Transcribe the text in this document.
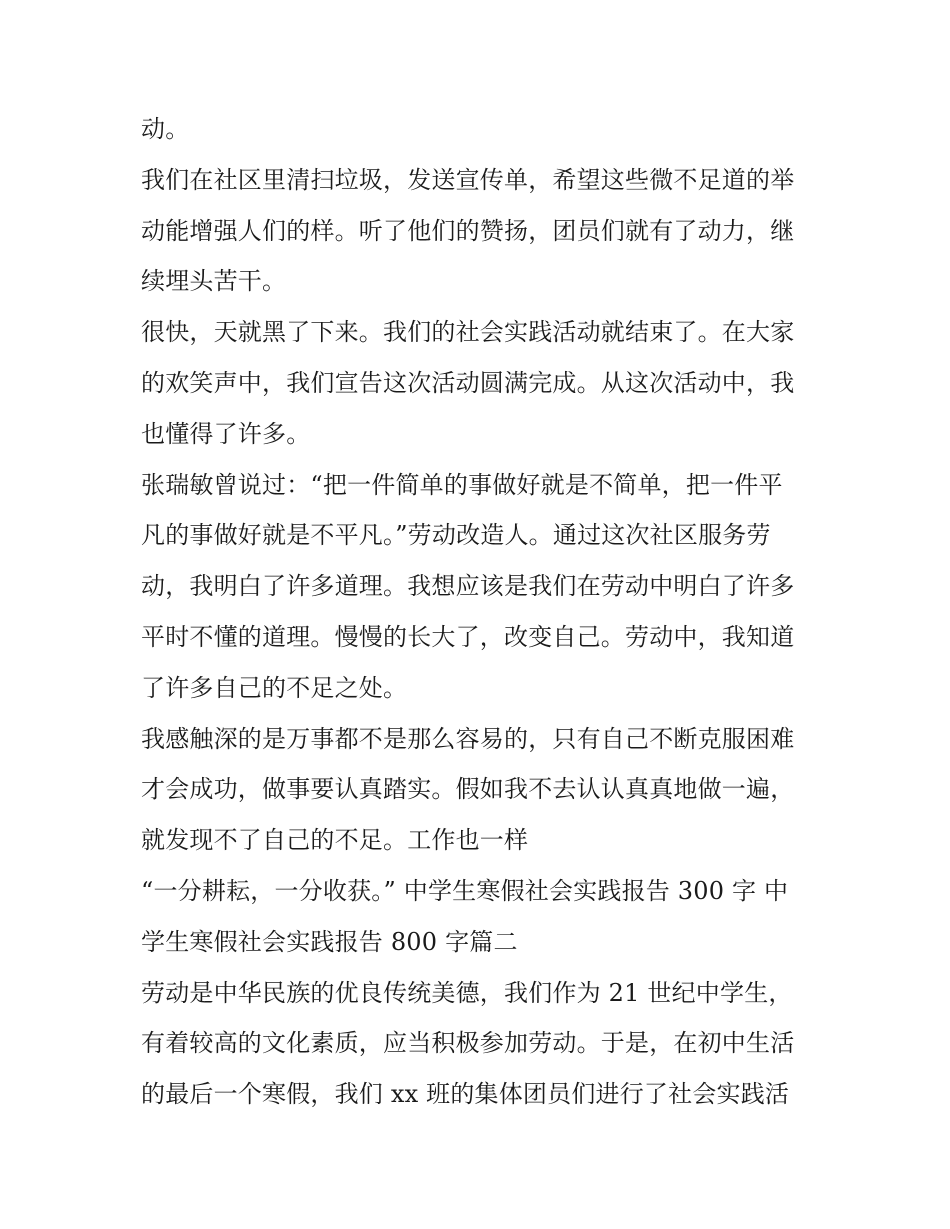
动。
我们在社区里清扫垃圾，发送宣传单，希望这些微不足道的举
动能增强人们的样。听了他们的赞扬，团员们就有了动力，继
续埋头苦干。
很快，天就黑了下来。我们的社会实践活动就结束了。在大家
的欢笑声中，我们宣告这次活动圆满完成。从这次活动中，我
也懂得了许多。
张瑞敏曾说过：“把一件简单的事做好就是不简单，把一件平
凡的事做好就是不平凡。”劳动改造人。通过这次社区服务劳
动，我明白了许多道理。我想应该是我们在劳动中明白了许多
平时不懂的道理。慢慢的长大了，改变自己。劳动中，我知道
了许多自己的不足之处。
我感触深的是万事都不是那么容易的，只有自己不断克服困难
才会成功，做事要认真踏实。假如我不去认认真真地做一遍，
就发现不了自己的不足。工作也一样
“一分耕耘，一分收获。” 中学生寒假社会实践报告 300 字 中
学生寒假社会实践报告 800 字篇二
劳动是中华民族的优良传统美德，我们作为 21 世纪中学生，
有着较高的文化素质，应当积极参加劳动。于是，在初中生活
的最后一个寒假，我们 xx 班的集体团员们进行了社会实践活
